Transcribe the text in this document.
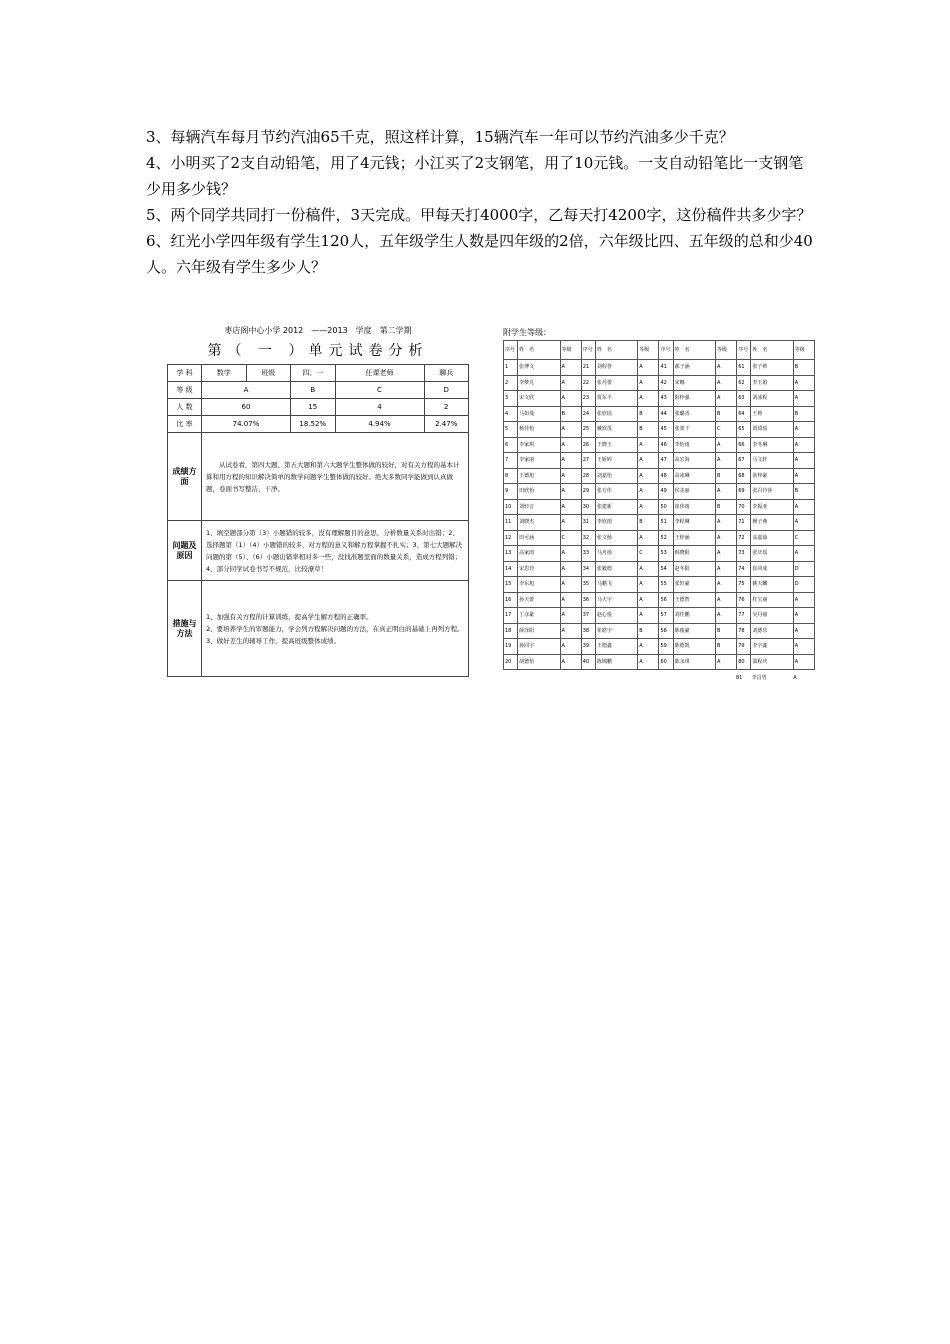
3、每辆汽车每月节约汽油65千克，照这样计算，15辆汽车一年可以节约汽油多少千克？

4、小明买了2支自动铅笔，用了4元钱；小江买了2支钢笔，用了10元钱。一支自动铅笔比一支钢笔少用多少钱？

5、两个同学共同打一份稿件，3天完成。甲每天打4000字，乙每天打4200字，这份稿件共多少字？

6、红光小学四年级有学生120人，五年级学生人数是四年级的2倍，六年级比四、五年级的总和少40人。六年级有学生多少人？

枣店阁中心小学 2012　——2013　学度　第二学期
第（ 一 ）单元试卷分析
学 科	数学	班级	四、一	任课老师	聊兵
等 级	A		B	C	D
人 数	60		15	4	2
比 率	74.07%		18.52%	4.94%	2.47%
成绩方面	　　从试卷看，第四大题、第五大题和第六大题学生整体做的较好，对有关方程的基本计算和用方程的知识解决简单的数学问题学生整体做的较好。绝大多数同学能做到认真做题，卷面书写整洁、干净。				
问题及原因	1、填空题部分第（3）小题错的较多，没有理解题目的意思，分析数量关系时出错；2、选择题第（1）（4）小题错的较多，对方程的意义和解方程掌握不扎实；3、第七大题解决问题的第（5）、（6）小题出错率相对多一些，没找准题里面的数量关系，造成方程列错；4、部分同学试卷书写不规范，比较潦草！				
措施与方法	1、加强有关方程的计算训练，提高学生解方程的正确率。

2、要培养学生的审题能力，学会列方程解决问题的方法，在真正明白的基础上再列方程。

3、做好差生的辅导工作，提高班级整体成绩。				

附学生等级：
序号	姓　名	等级	序号	姓　名	等级	序号	姓　名	等级	序号	姓　名	等级
1	张博文	A	21	刘程誉	A	41	郝子涵	A	61	张子帅	B
2	李梦凡	A	22	张丹蕾	A	42	宋娜	A	62	李玉娟	A
3	宋文欣	A	23	贾东平	A	43	阳梓强	A	63	刘冰程	A
4	马如曼	B	24	张欣瑶	B	44	张璐香	B	64	王帅	B
5	杨佳怡	A	25	戴欣茂	B	45	张墨千	C	65	贾琦瑶	A
6	李家琪	A	26	王晓玉	A	46	李怡雨	A	66	李冬琳	A
7	李家丽	A	27	王娇婷	A	47	高宏海	A	67	马文轩	A
8	王德旭	A	28	刘嘉怡	A	48	高冰琳	B	68	张梓豪	A
9	田欣怡	A	29	张方佳	A	49	侯美丽	A	69	张召玲萍	B
10	刘轻音	A	30	张建新	A	50	崔伟雨	B	70	李振亚	A
11	刘晓杰	A	31	李欣雨	B	51	李程琳	A	71	穆子燕	A
12	田可涵	C	32	张文杨	A	52	王梓涵	A	72	高嘉茹	C
13	高家雨	A	33	马舟扬	C	53	韩晓阳	A	73	张庆瑶	A
14	宋思玲	A	34	张毅德	A	54	赵冬阳	A	74	崔同成	D
15	李东旭	A	35	马鹏飞	A	55	张轩豪	A	75	姚天麟	D
16	孙天蕾	A	36	马天宇	A	56	王德智	A	76	杜宝丽	A
17	丁彦豪	A	37	赵心悦	A	57	刘佳鹏	A	77	吴丹丽	A
18	薛泽阳	A	38	崔皓宇	B	58	陈俊豪	B	78	刘德乐	A
19	孙同宇	A	39	王德鑫	A	59	陈德凯	B	79	李宇鑫	A
20	胡德怡	A	40	陈锦鹏	A	60	陈永琪	A	80	邵程庆	A
81 李昌男	A
